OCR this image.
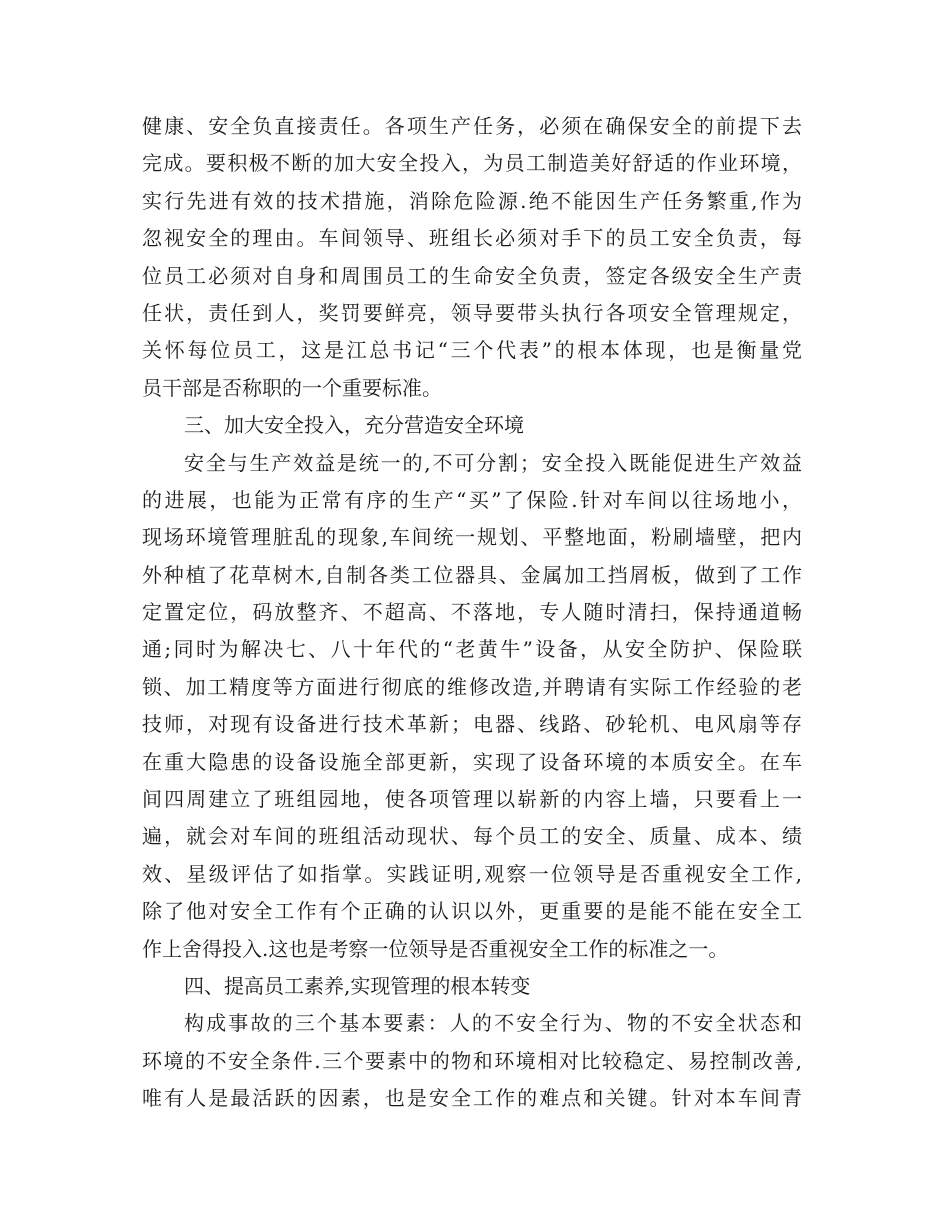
健康、安全负直接责任。各项生产任务，必须在确保安全的前提下去
完成。要积极不断的加大安全投入，为员工制造美好舒适的作业环境，
实行先进有效的技术措施，消除危险源.绝不能因生产任务繁重,作为
忽视安全的理由。车间领导、班组长必须对手下的员工安全负责，每
位员工必须对自身和周围员工的生命安全负责，签定各级安全生产责
任状，责任到人，奖罚要鲜亮，领导要带头执行各项安全管理规定，
关怀每位员工，这是江总书记“三个代表”的根本体现，也是衡量党
员干部是否称职的一个重要标准。
三、加大安全投入，充分营造安全环境
安全与生产效益是统一的,不可分割；安全投入既能促进生产效益
的进展，也能为正常有序的生产“买”了保险.针对车间以往场地小，
现场环境管理脏乱的现象,车间统一规划、平整地面，粉刷墙壁，把内
外种植了花草树木,自制各类工位器具、金属加工挡屑板，做到了工作
定置定位，码放整齐、不超高、不落地，专人随时清扫，保持通道畅
通;同时为解决七、八十年代的“老黄牛”设备，从安全防护、保险联
锁、加工精度等方面进行彻底的维修改造,并聘请有实际工作经验的老
技师，对现有设备进行技术革新；电器、线路、砂轮机、电风扇等存
在重大隐患的设备设施全部更新，实现了设备环境的本质安全。在车
间四周建立了班组园地，使各项管理以崭新的内容上墙，只要看上一
遍，就会对车间的班组活动现状、每个员工的安全、质量、成本、绩
效、星级评估了如指掌。实践证明,观察一位领导是否重视安全工作,
除了他对安全工作有个正确的认识以外，更重要的是能不能在安全工
作上舍得投入.这也是考察一位领导是否重视安全工作的标准之一。
四、提高员工素养,实现管理的根本转变
构成事故的三个基本要素：人的不安全行为、物的不安全状态和
环境的不安全条件.三个要素中的物和环境相对比较稳定、易控制改善,
唯有人是最活跃的因素，也是安全工作的难点和关键。针对本车间青
